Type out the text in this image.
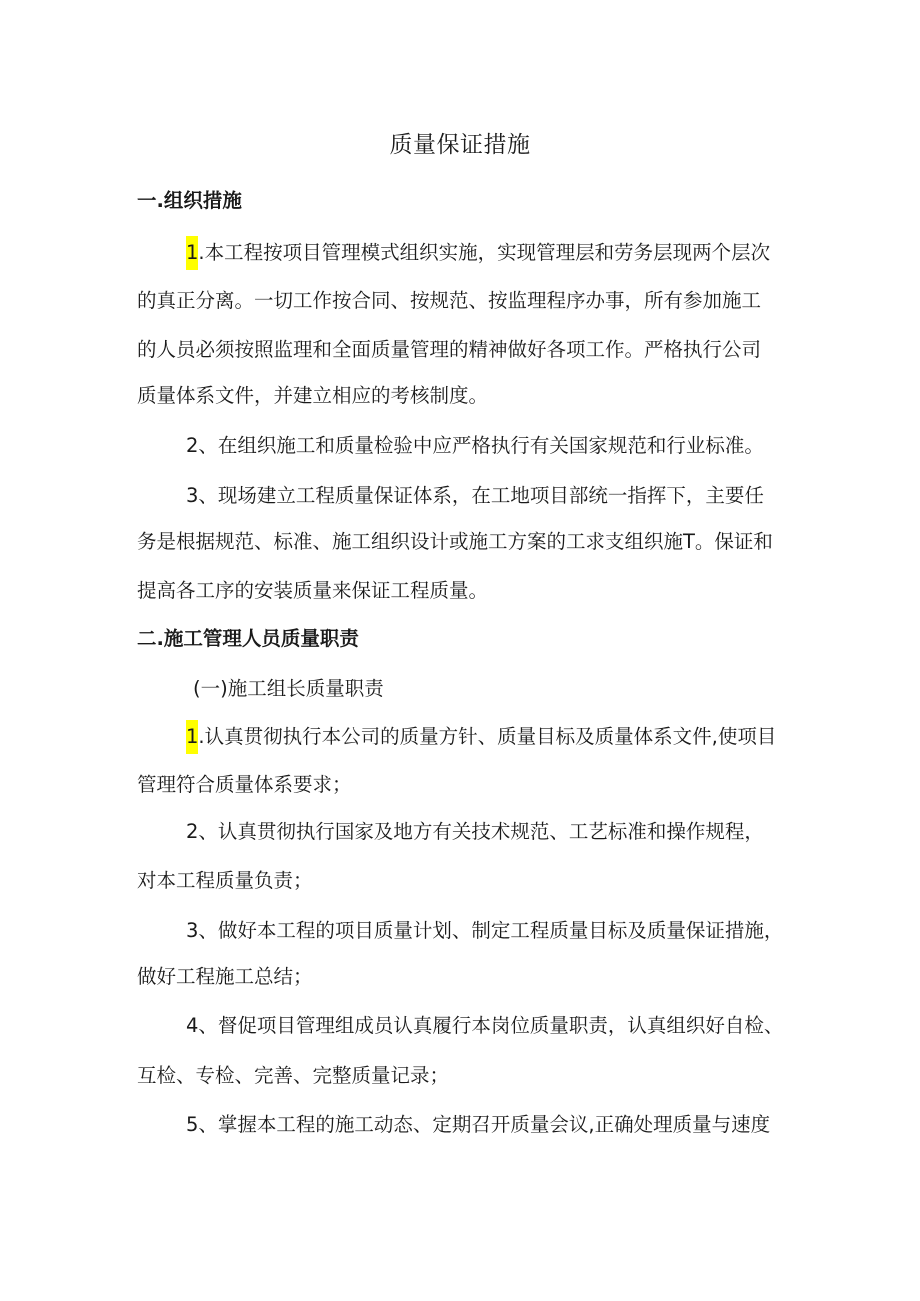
质量保证措施
一.组织措施
1.本工程按项目管理模式组织实施，实现管理层和劳务层现两个层次
的真正分离。一切工作按合同、按规范、按监理程序办事，所有参加施工
的人员必须按照监理和全面质量管理的精神做好各项工作。严格执行公司
质量体系文件，并建立相应的考核制度。
2、在组织施工和质量检验中应严格执行有关国家规范和行业标准。
3、现场建立工程质量保证体系，在工地项目部统一指挥下，主要任
务是根据规范、标准、施工组织设计或施工方案的工求支组织施T。保证和
提高各工序的安装质量来保证工程质量。
二.施工管理人员质量职责
(一)施工组长质量职责
1.认真贯彻执行本公司的质量方针、质量目标及质量体系文件,使项目
管理符合质量体系要求；
2、认真贯彻执行国家及地方有关技术规范、工艺标准和操作规程，
对本工程质量负责；
3、做好本工程的项目质量计划、制定工程质量目标及质量保证措施，
做好工程施工总结；
4、督促项目管理组成员认真履行本岗位质量职责，认真组织好自检、
互检、专检、完善、完整质量记录；
5、掌握本工程的施工动态、定期召开质量会议,正确处理质量与速度
